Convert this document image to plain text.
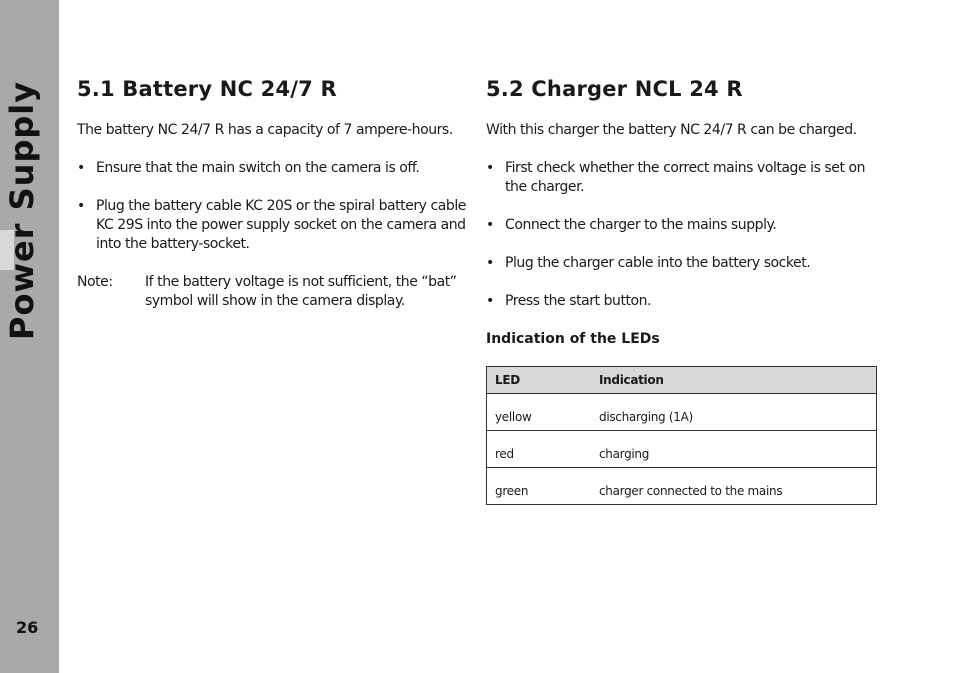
Power Supply
26
5.1 Battery NC 24/7 R

The battery NC 24/7 R has a capacity of 7 ampere-hours.

• Ensure that the main switch on the camera is off.
• Plug the battery cable KC 20S or the spiral battery cable KC 29S into the power supply socket on the camera and into the battery-socket.
Note:	If the battery voltage is not sufficient, the “bat” symbol will show in the camera display.
5.2 Charger NCL 24 R

With this charger the battery NC 24/7 R can be charged.

• First check whether the correct mains voltage is set on the charger.
• Connect the charger to the mains supply.
• Plug the charger cable into the battery socket.
• Press the start button.
Indication of the LEDs
LED	Indication
yellow	discharging (1A)
red	charging
green	charger connected to the mains
